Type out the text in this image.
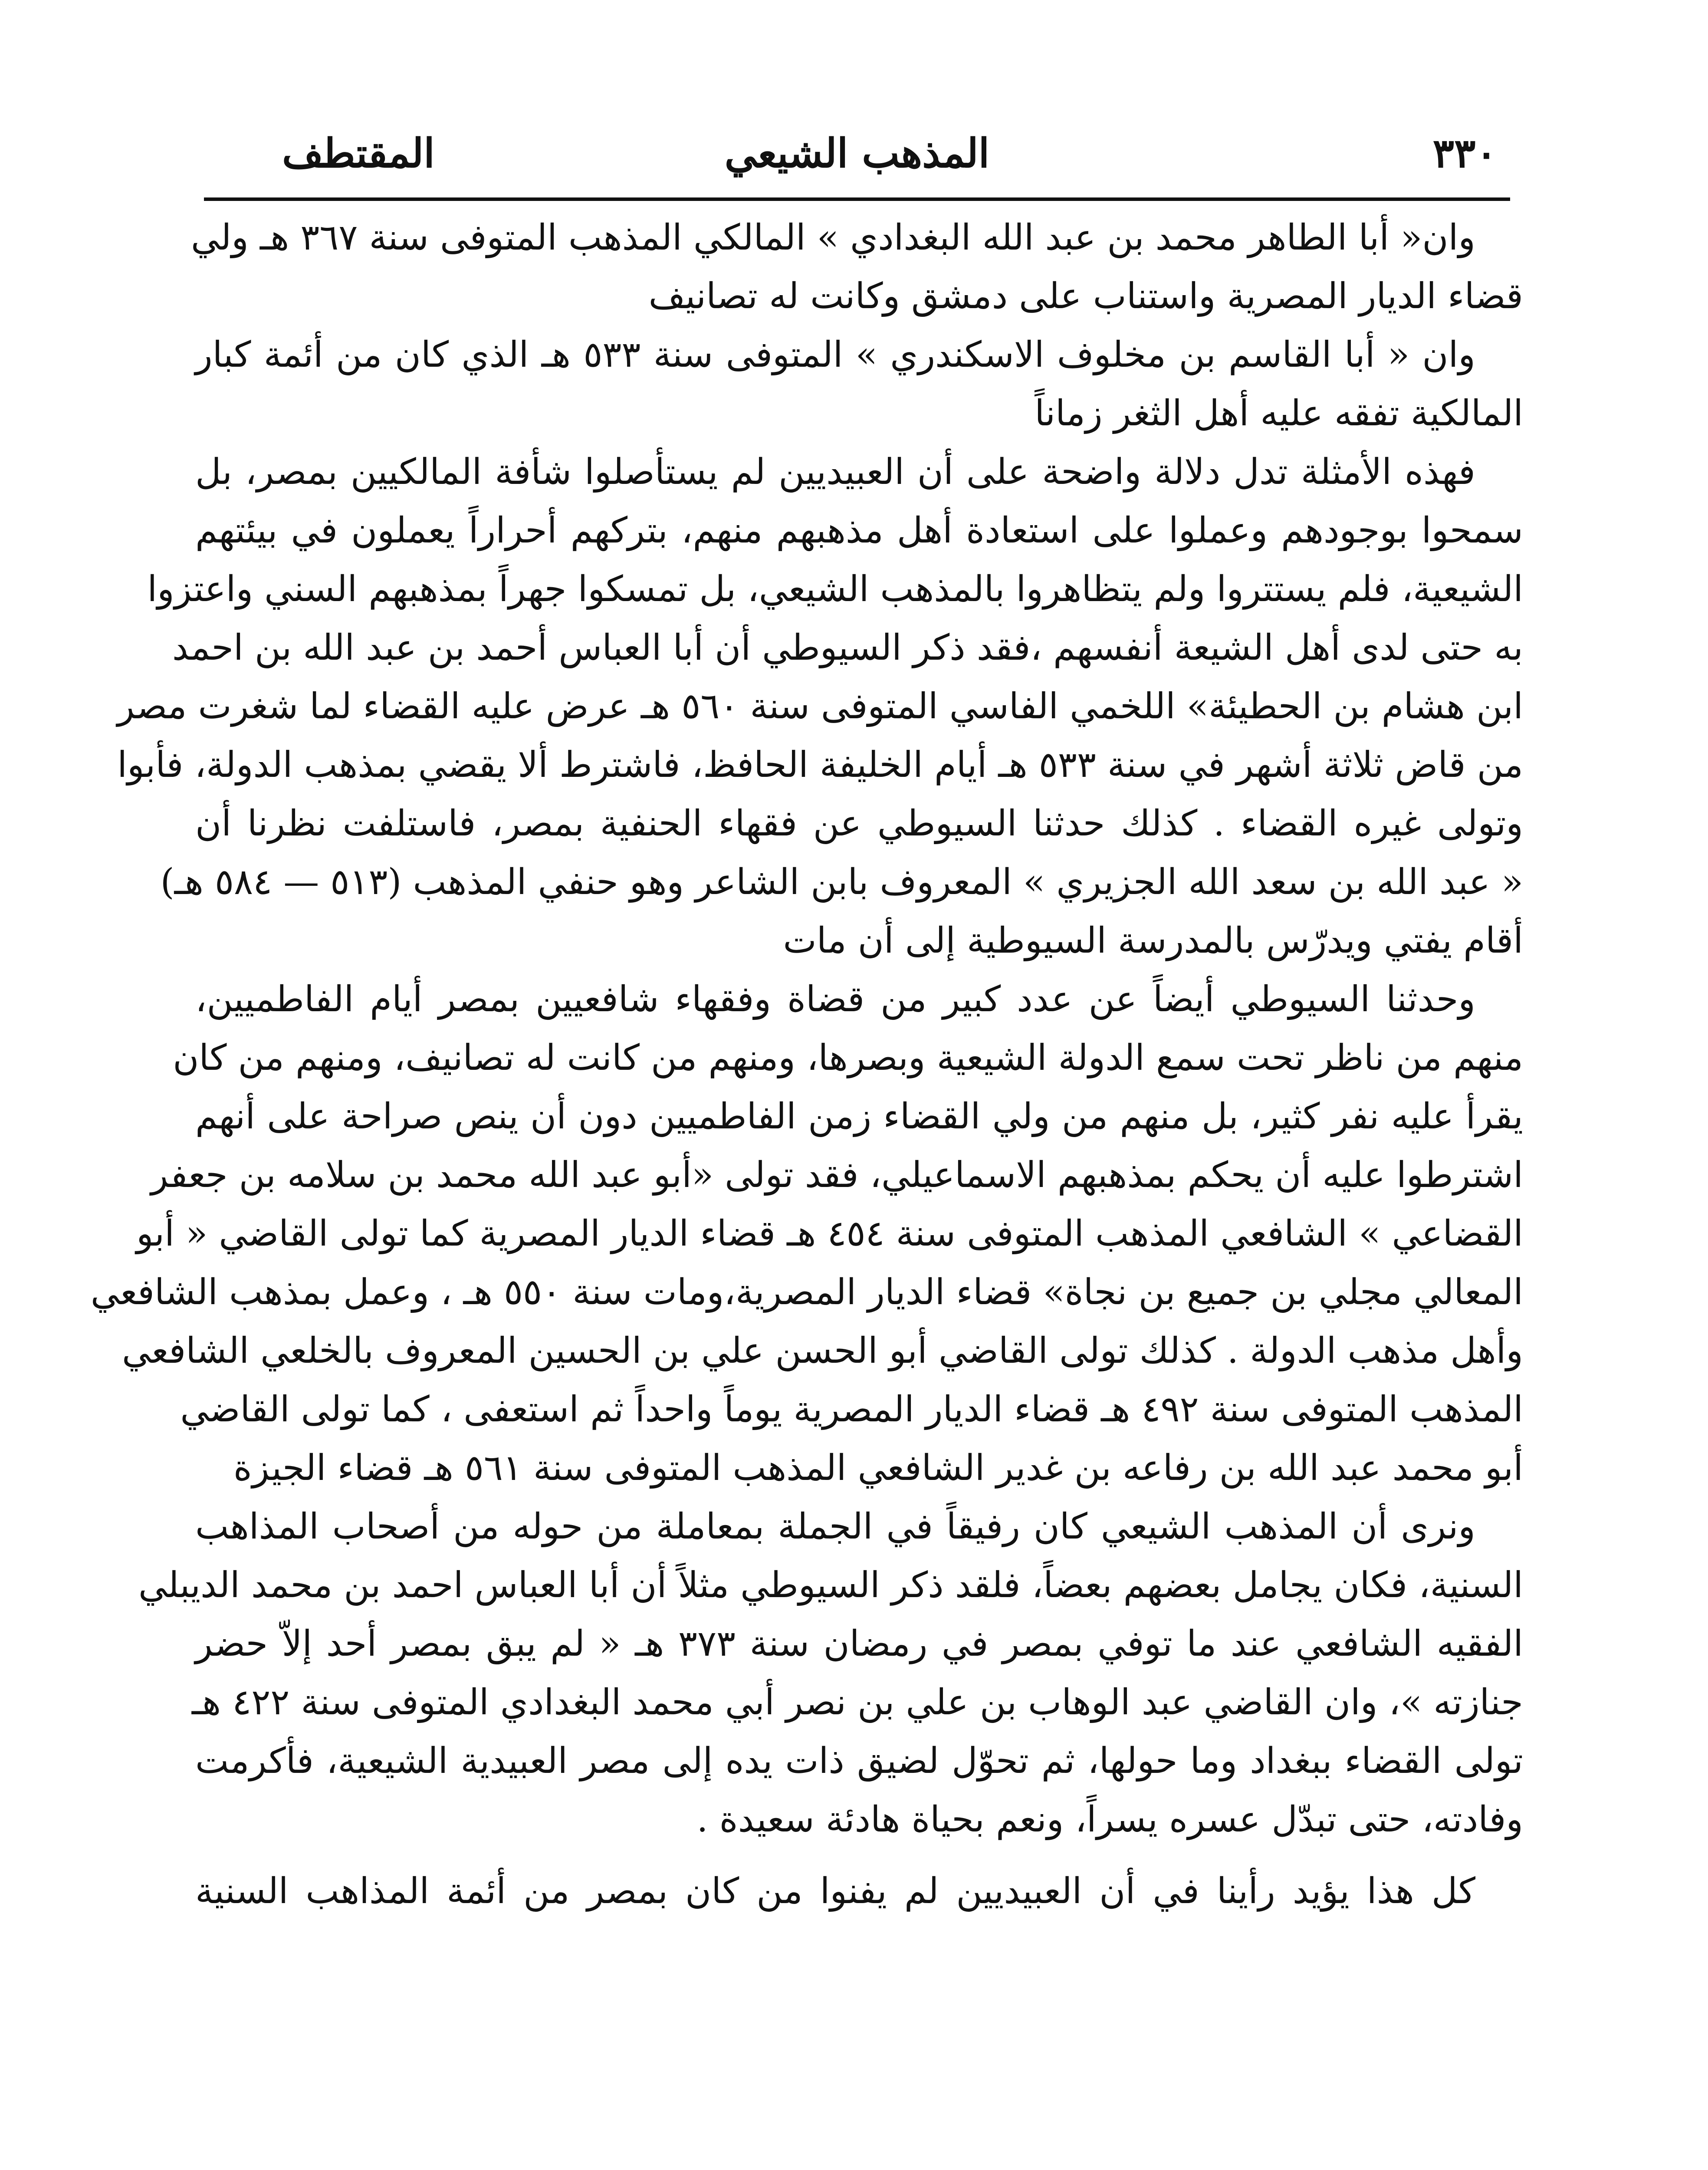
٣٣٠
المذهب الشيعي
المقتطف
وان« أبا الطاهر محمد بن عبد الله البغدادي » المالكي المذهب المتوفى سنة ٣٦٧ هـ ولي
قضاء الديار المصرية واستناب على دمشق وكانت له تصانيف
وان « أبا القاسم بن مخلوف الاسكندري » المتوفى سنة ٥٣٣ هـ الذي كان من أئمة كبار
المالكية تفقه عليه أهل الثغر زماناً
فهذه الأمثلة تدل دلالة واضحة على أن العبيديين لم يستأصلوا شأفة المالكيين بمصر، بل
سمحوا بوجودهم وعملوا على استعادة أهل مذهبهم منهم، بتركهم أحراراً يعملون في بيئتهم
الشيعية، فلم يستتروا ولم يتظاهروا بالمذهب الشيعي، بل تمسكوا جهراً بمذهبهم السني واعتزوا
به حتى لدى أهل الشيعة أنفسهم ،فقد ذكر السيوطي أن أبا العباس أحمد بن عبد الله بن احمد
ابن هشام بن الحطيئة» اللخمي الفاسي المتوفى سنة ٥٦٠ هـ عرض عليه القضاء لما شغرت مصر
من قاض ثلاثة أشهر في سنة ٥٣٣ هـ أيام الخليفة الحافظ، فاشترط ألا يقضي بمذهب الدولة، فأبوا
وتولى غيره القضاء . كذلك حدثنا السيوطي عن فقهاء الحنفية بمصر، فاستلفت نظرنا أن
« عبد الله بن سعد الله الجزيري » المعروف بابن الشاعر وهو حنفي المذهب (٥١٣ — ٥٨٤ هـ)
أقام يفتي ويدرّس بالمدرسة السيوطية إلى أن مات
وحدثنا السيوطي أيضاً عن عدد كبير من قضاة وفقهاء شافعيين بمصر أيام الفاطميين،
منهم من ناظر تحت سمع الدولة الشيعية وبصرها، ومنهم من كانت له تصانيف، ومنهم من كان
يقرأ عليه نفر كثير، بل منهم من ولي القضاء زمن الفاطميين دون أن ينص صراحة على أنهم
اشترطوا عليه أن يحكم بمذهبهم الاسماعيلي، فقد تولى «أبو عبد الله محمد بن سلامه بن جعفر
القضاعي » الشافعي المذهب المتوفى سنة ٤٥٤ هـ قضاء الديار المصرية كما تولى القاضي « أبو
المعالي مجلي بن جميع بن نجاة» قضاء الديار المصرية،ومات سنة ٥٥٠ هـ ، وعمل بمذهب الشافعي
وأهل مذهب الدولة . كذلك تولى القاضي أبو الحسن علي بن الحسين المعروف بالخلعي الشافعي
المذهب المتوفى سنة ٤٩٢ هـ قضاء الديار المصرية يوماً واحداً ثم استعفى ، كما تولى القاضي
أبو محمد عبد الله بن رفاعه بن غدير الشافعي المذهب المتوفى سنة ٥٦١ هـ قضاء الجيزة
ونرى أن المذهب الشيعي كان رفيقاً في الجملة بمعاملة من حوله من أصحاب المذاهب
السنية، فكان يجامل بعضهم بعضاً، فلقد ذكر السيوطي مثلاً أن أبا العباس احمد بن محمد الديبلي
الفقيه الشافعي عند ما توفي بمصر في رمضان سنة ٣٧٣ هـ « لم يبق بمصر أحد إلاّ حضر
جنازته »، وان القاضي عبد الوهاب بن علي بن نصر أبي محمد البغدادي المتوفى سنة ٤٢٢ هـ
تولى القضاء ببغداد وما حولها، ثم تحوّل لضيق ذات يده إلى مصر العبيدية الشيعية، فأكرمت
وفادته، حتى تبدّل عسره يسراً، ونعم بحياة هادئة سعيدة .
كل هذا يؤيد رأينا في أن العبيديين لم يفنوا من كان بمصر من أئمة المذاهب السنية
